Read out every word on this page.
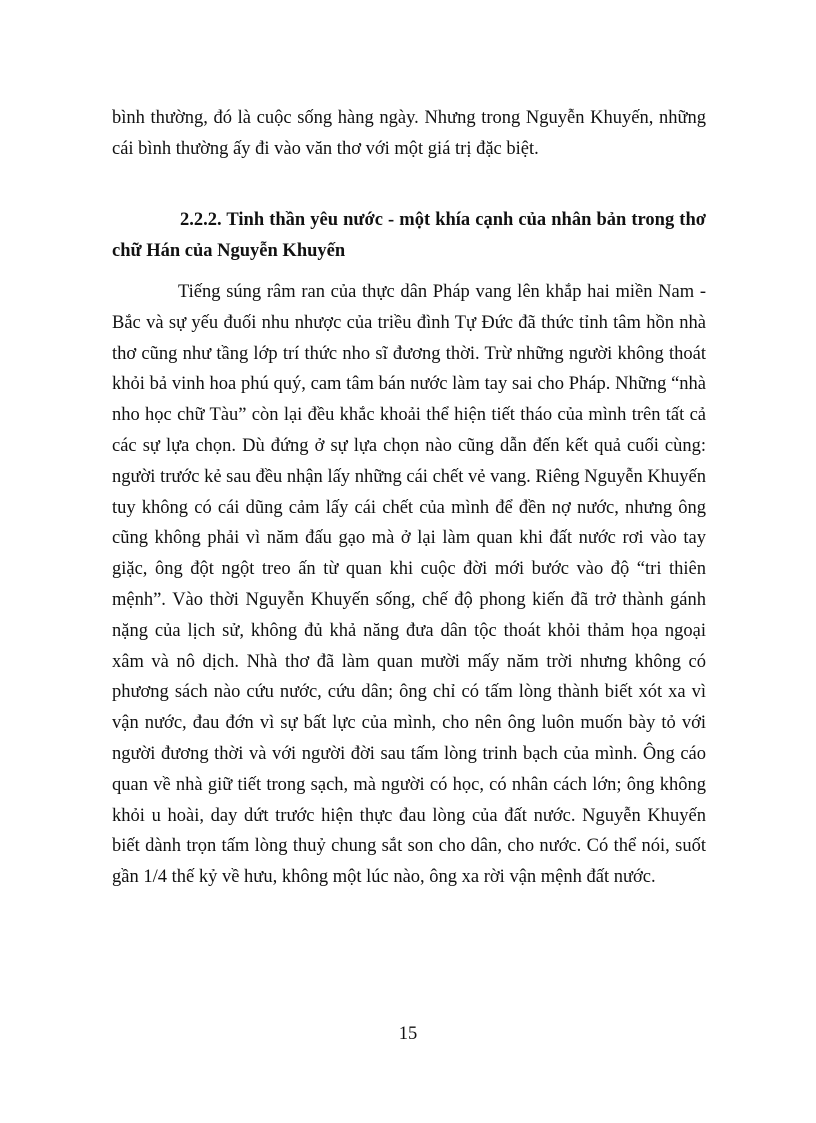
bình thường, đó là cuộc sống hàng ngày. Nhưng trong Nguyễn Khuyến, những cái bình thường ấy đi vào văn thơ với một giá trị đặc biệt.

2.2.2. Tinh thần yêu nước - một khía cạnh của nhân bản trong thơ chữ Hán của Nguyễn Khuyến

Tiếng súng râm ran của thực dân Pháp vang lên khắp hai miền Nam - Bắc và sự yếu đuối nhu nhược của triều đình Tự Đức đã thức tỉnh tâm hồn nhà thơ cũng như tầng lớp trí thức nho sĩ đương thời. Trừ những người không thoát khỏi bả vinh hoa phú quý, cam tâm bán nước làm tay sai cho Pháp. Những “nhà nho học chữ Tàu” còn lại đều khắc khoải thể hiện tiết tháo của mình trên tất cả các sự lựa chọn. Dù đứng ở sự lựa chọn nào cũng dẫn đến kết quả cuối cùng: người trước kẻ sau đều nhận lấy những cái chết vẻ vang. Riêng Nguyễn Khuyến tuy không có cái dũng cảm lấy cái chết của mình để đền nợ nước, nhưng ông cũng không phải vì năm đấu gạo mà ở lại làm quan khi đất nước rơi vào tay giặc, ông đột ngột treo ấn từ quan khi cuộc đời mới bước vào độ “tri thiên mệnh”. Vào thời Nguyễn Khuyến sống, chế độ phong kiến đã trở thành gánh nặng của lịch sử, không đủ khả năng đưa dân tộc thoát khỏi thảm họa ngoại xâm và nô dịch. Nhà thơ đã làm quan mười mấy năm trời nhưng không có phương sách nào cứu nước, cứu dân; ông chỉ có tấm lòng thành biết xót xa vì vận nước, đau đớn vì sự bất lực của mình, cho nên ông luôn muốn bày tỏ với người đương thời và với người đời sau tấm lòng trinh bạch của mình. Ông cáo quan về nhà giữ tiết trong sạch, mà người có học, có nhân cách lớn; ông không khỏi u hoài, day dứt trước hiện thực đau lòng của đất nước. Nguyễn Khuyến biết dành trọn tấm lòng thuỷ chung sắt son cho dân, cho nước. Có thể nói, suốt gần 1/4 thế kỷ về hưu, không một lúc nào, ông xa rời vận mệnh đất nước.

15
